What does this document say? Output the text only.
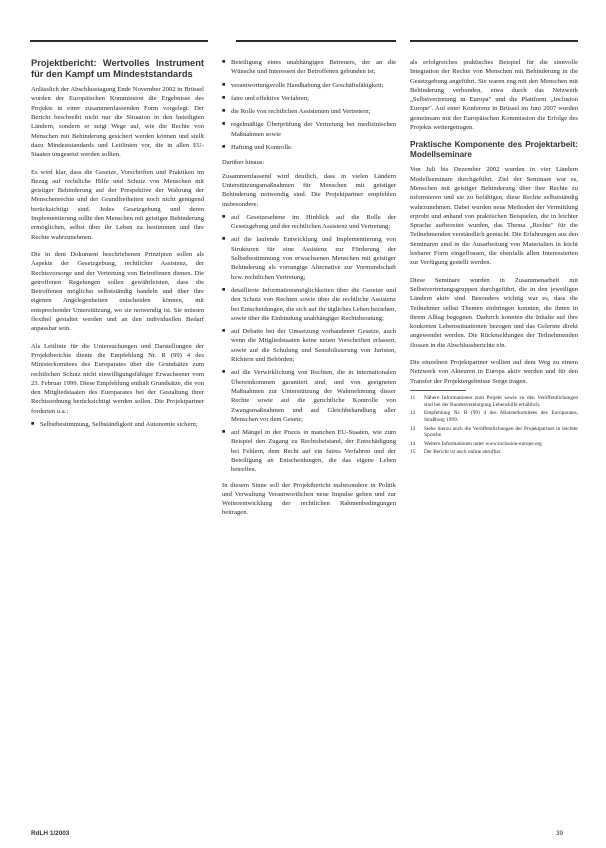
Projektbericht: Wertvolles Instrument für den Kampf um Mindeststandards

Anlässlich der Abschlusstagung Ende November 2002 in Brüssel wurden der Europäischen Kommission die Ergebnisse des Projekts in einer zusammenfassenden Form vorgelegt. Der Bericht beschreibt nicht nur die Situation in den beteiligten Ländern, sondern er zeigt Wege auf, wie die Rechte von Menschen mit Behinderung gesichert werden können und stellt dazu Mindeststandards und Leitlinien vor, die in allen EU-Staaten umgesetzt werden sollten.

Es wird klar, dass die Gesetze, Vorschriften und Praktiken im Bezug auf rechtliche Hilfe und Schutz von Menschen mit geistiger Behinderung auf der Prespektive der Wahrung der Menschenrechte und der Grundfreiheiten noch nicht genügend berücksichtigt sind. Jedes Gesetzgebung und deren Implementierung sollte den Menschen mit geistiger Behinderung ermöglichen, selbst über ihr Leben zu bestimmen und ihre Rechte wahrzunehmen.

Die in dem Dokument beschriebenen Prinzipien sollen als Aspekte der Gesetzgebung, rechtlicher Assistenz, der Rechtsvorsorge und der Vertretung von Betroffenen dienen. Die getroffenen Regelungen sollen gewährleisten, dass die Betroffenen möglichst selbstständig handeln und über ihre eigenen Angelegenheiten entscheiden können, mit entsprechender Unterstützung, wo sie notwendig ist. Sie müssen flexibel gestaltet werden und an den individuellen Bedarf anpassbar sein.

Als Leitlinie für die Untersuchungen und Darstellungen der Projektberichte diente die Empfehlung Nr. R (99) 4 des Ministerkomitees des Europarates über die Grundsätze zum rechtlichen Schutz nicht einwilligungsfähiger Erwachsener vom 23. Februar 1999. Diese Empfehlung enthält Grundsätze, die von den Mitgliedstaaten des Europarates bei der Gestaltung ihrer Rechtsordnung berücksichtigt werden sollen. Die Projektpartner forderten u.a.:

■ Selbstbestimmung, Selbständigkeit und Autonomie sichern;
■ Beteiligung eines unabhängigen Betreuers, der an die Wünsche und Interessen der Betroffenen gebunden ist;
■ verantwortungsvolle Handhabung der Geschäftsfähigkeit;
■ faire und effektive Verfahren;
■ die Rolle von rechtlichen Assistenten und Vertretern;
■ regelmäßige Überprüfung der Vertretung bei medizinischen Maßnahmen sowie
■ Haftung und Kontrolle.

Darüber hinaus:

Zusammenfassend wird deutlich, dass in vielen Ländern Unterstützungsmaßnahmen für Menschen mit geistiger Behinderung notwendig sind. Die Projektpartner empfehlen insbesondere:

■ auf Gesetzesebene im Hinblick auf die Rolle der Gesetzgebung und der rechtlichen Assistenz und Vertretung;
■ auf die laufende Entwicklung und Implementierung von Strukturen für eine Assistenz zur Förderung der Selbstbestimmung von erwachsenen Menschen mit geistiger Behinderung als vorrangige Alternative zur Vormundschaft bzw. rechtlichen Vertretung;
■ detaillierte Informationsmöglichkeiten über die Gesetze und den Schutz von Rechten sowie über die rechtliche Assistenz bei Entscheidungen, die sich auf ihr tägliches Leben beziehen, sowie über die Einbindung unabhängiger Rechtsberatung;
■ auf Debatte bei der Umsetzung vorhandener Gesetze, auch wenn die Mitgliedstaaten keine neuen Vorschriften erlassen, sowie auf die Schulung und Sensibilisierung von Juristen, Richtern und Behörden;
■ auf die Verwirklichung von Rechten, die in internationalen Übereinkommen garantiert sind, und von geeigneten Maßnahmen zur Unterstützung der Wahrnehmung dieser Rechte sowie auf die gerichtliche Kontrolle von Zwangsmaßnahmen und auf Gleichbehandlung aller Menschen vor dem Gesetz;
■ auf Mängel in der Praxis in manchen EU-Staaten, wie zum Beispiel den Zugang zu Rechtsbeistand, der Entschädigung bei Fehlern, dem Recht auf ein faires Verfahren und der Beteiligung an Entscheidungen, die das eigene Leben betreffen.

In diesem Sinne soll der Projektbericht insbesondere in Politik und Verwaltung Verantwortlichen neue Impulse geben und zur Weiterentwicklung der rechtlichen Rahmenbedingungen beitragen.

als erfolgreiches praktisches Beispiel für die sinnvolle Integration der Rechte von Menschen mit Behinderung in die Gesetzgebung angeführt. Sie waren eng mit den Menschen mit Behinderung verbunden, etwa durch das Netzwerk „Selbstvertretung in Europa" und die Plattform „Inclusion Europe". Auf einer Konferenz in Brüssel im Juni 2007 wurden gemeinsam mit der Europäischen Kommission die Erfolge des Projekts weitergetragen.

Praktische Komponente des Projektarbeit: Modellseminare

Von Juli bis Dezember 2002 wurden in vier Ländern Modellseminare durchgeführt. Ziel der Seminare war es, Menschen mit geistiger Behinderung über ihre Rechte zu informieren und sie zu befähigen, diese Rechte selbstständig wahrzunehmen. Dabei wurden neue Methoden der Vermittlung erprobt und anhand von praktischen Beispielen, die in leichter Sprache aufbereitet wurden, das Thema „Rechte" für die Teilnehmenden verständlich gemacht. Die Erfahrungen aus den Seminaren sind in die Ausarbeitung von Materialien in leicht lesbarer Form eingeflossen, die ebenfalls allen Interessierten zur Verfügung gestellt werden.

Diese Seminare wurden in Zusammenarbeit mit Selbstvertretungsgruppen durchgeführt, die in den jeweiligen Ländern aktiv sind. Besonders wichtig war es, dass die Teilnehmer selbst Themen einbringen konnten, die ihnen in ihrem Alltag begegnen. Dadurch konnten die Inhalte auf ihre konkreten Lebenssituationen bezogen und das Gelernte direkt angewendet werden. Die Rückmeldungen der Teilnehmenden flossen in die Abschlussberichte ein.

Die einzelnen Projektpartner wollten auf dem Weg zu einem Netzwerk von Akteuren in Europa aktiv werden und für den Transfer der Projektergebnisse Sorge tragen.

11 Nähere Informationen zum Projekt sowie zu den Veröffentlichungen sind bei der Bundesvereinigung Lebenshilfe erhältlich.
12 Empfehlung Nr. R (99) 4 des Ministerkomitees des Europarates, Straßburg 1999.
13 Siehe hierzu auch die Veröffentlichungen der Projektpartner in leichter Sprache.
14 Weitere Informationen unter www.inclusion-europe.org
15 Der Bericht ist auch online abrufbar.
RdLH 1/2003	39
